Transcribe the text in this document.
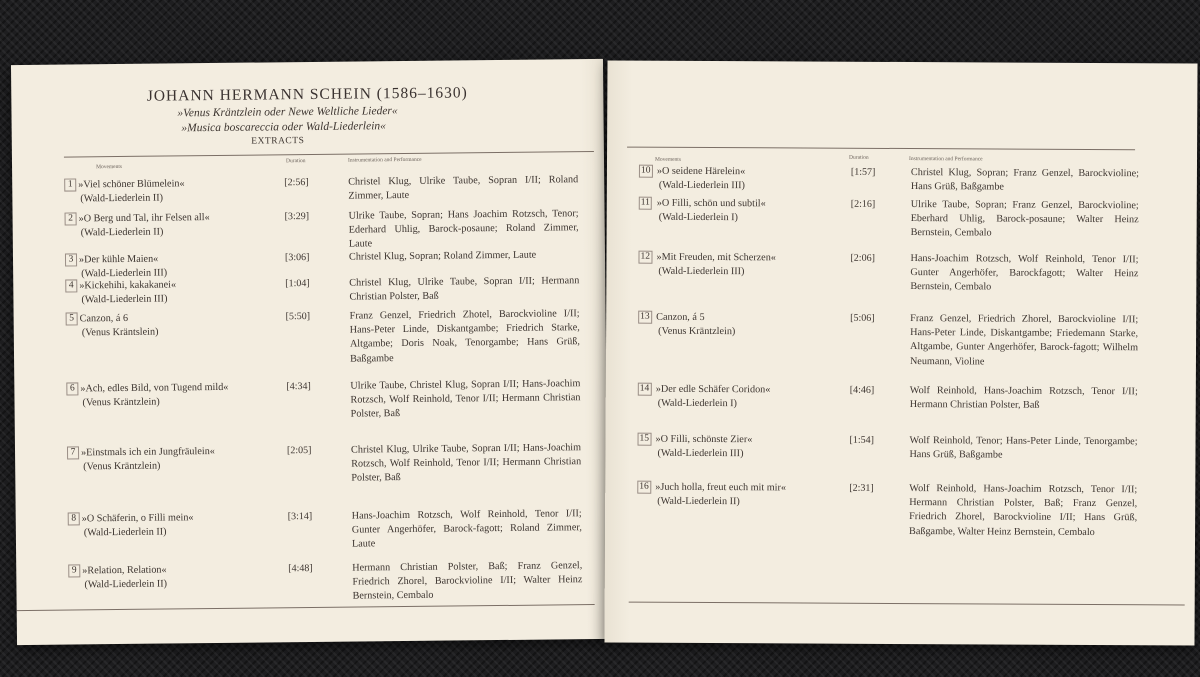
JOHANN HERMANN SCHEIN (1586–1630)
»Venus Kräntzlein oder Newe Weltliche Lieder«
»Musica boscareccia oder Wald-Liederlein«
EXTRACTS
Movements
Duration	Instrumentation and Performance
1 »Viel schöner Blümelein«
(Wald-Liederlein II)
[2:56]	Christel Klug, Ulrike Taube, Sopran I/II; Roland Zimmer, Laute
2 »O Berg und Tal, ihr Felsen all«
(Wald-Liederlein II)
[3:29]	Ulrike Taube, Sopran; Hans Joachim Rotzsch, Tenor; Ederhard Uhlig, Barock-posaune; Roland Zimmer, Laute
3 »Der kühle Maien«
(Wald-Liederlein III)
[3:06]	Christel Klug, Sopran; Roland Zimmer, Laute
4 »Kickehihi, kakakanei«
(Wald-Liederlein III)
[1:04]	Christel Klug, Ulrike Taube, Sopran I/II; Hermann Christian Polster, Baß
5 Canzon, á 6
(Venus Kräntslein)
[5:50]	Franz Genzel, Friedrich Zhotel, Barockvioline I/II; Hans-Peter Linde, Diskantgambe; Friedrich Starke, Altgambe; Doris Noak, Tenorgambe; Hans Grüß, Baßgambe
6 »Ach, edles Bild, von Tugend mild«
(Venus Kräntzlein)
[4:34]	Ulrike Taube, Christel Klug, Sopran I/II; Hans-Joachim Rotzsch, Wolf Reinhold, Tenor I/II; Hermann Christian Polster, Baß
7 »Einstmals ich ein Jungfräulein«
(Venus Kräntzlein)
[2:05]	Christel Klug, Ulrike Taube, Sopran I/II; Hans-Joachim Rotzsch, Wolf Reinhold, Tenor I/II; Hermann Christian Polster, Baß
8 »O Schäferin, o Filli mein«
(Wald-Liederlein II)
[3:14]	Hans-Joachim Rotzsch, Wolf Reinhold, Tenor I/II; Gunter Angerhöfer, Barock-fagott; Roland Zimmer, Laute
9 »Relation, Relation«
(Wald-Liederlein II)
[4:48]	Hermann Christian Polster, Baß; Franz Genzel, Friedrich Zhorel, Barockvioline I/II; Walter Heinz Bernstein, Cembalo
Movements	Duration	Instrumentation and Performance
10 »O seidene Härelein«
(Wald-Liederlein III)
[1:57]	Christel Klug, Sopran; Franz Genzel, Barockvioline; Hans Grüß, Baßgambe
11 »O Filli, schön und subtil«
(Wald-Liederlein I)
[2:16]	Ulrike Taube, Sopran; Franz Genzel, Barockvioline; Eberhard Uhlig, Barock-posaune; Walter Heinz Bernstein, Cembalo
12 »Mit Freuden, mit Scherzen«
(Wald-Liederlein III)
[2:06]	Hans-Joachim Rotzsch, Wolf Reinhold, Tenor I/II; Gunter Angerhöfer, Barockfagott; Walter Heinz Bernstein, Cembalo
13 Canzon, á 5
(Venus Kräntzlein)
[5:06]	Franz Genzel, Friedrich Zhorel, Barockvioline I/II; Hans-Peter Linde, Diskantgambe; Friedemann Starke, Altgambe, Gunter Angerhöfer, Barock-fagott; Wilhelm Neumann, Violine
14 »Der edle Schäfer Coridon«
(Wald-Liederlein I)
[4:46]	Wolf Reinhold, Hans-Joachim Rotzsch, Tenor I/II; Hermann Christian Polster, Baß
15 »O Filli, schönste Zier«
(Wald-Liederlein III)
[1:54]	Wolf Reinhold, Tenor; Hans-Peter Linde, Tenorgambe; Hans Grüß, Baßgambe
16 »Juch holla, freut euch mit mir«
(Wald-Liederlein II)
[2:31]	Wolf Reinhold, Hans-Joachim Rotzsch, Tenor I/II; Hermann Christian Polster, Baß; Franz Genzel, Friedrich Zhorel, Barockvioline I/II; Hans Grüß, Baßgambe, Walter Heinz Bernstein, Cembalo
